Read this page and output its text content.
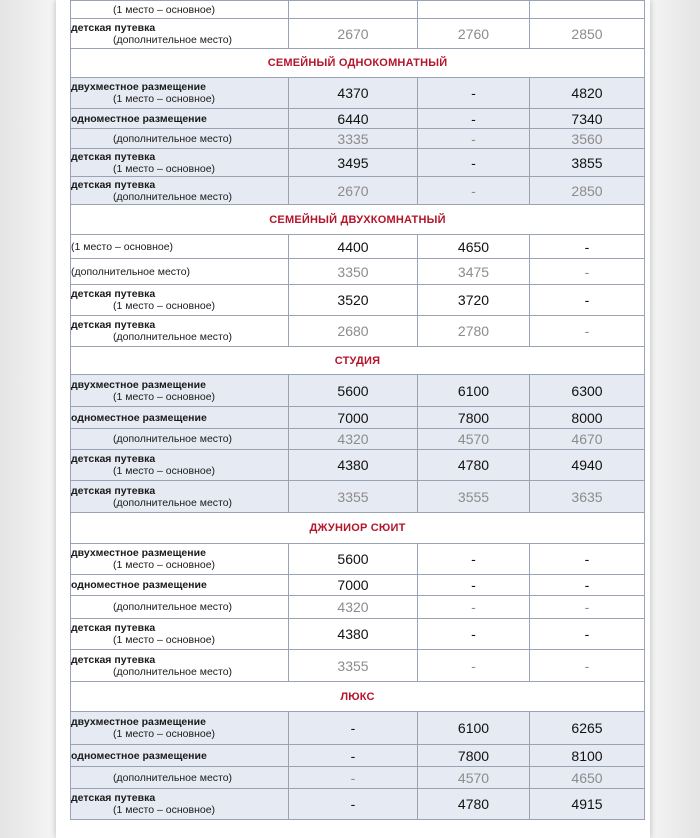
(1 место – основное)			

детская путевка
(дополнительное место)	2670	2760	2850
СЕМЕЙНЫЙ ОДНОКОМНАТНЫЙ			

двухместное размещение
(1 место – основное)	4370	-	4820

одноместное размещение	6440	-	7340

(дополнительное место)	3335	-	3560

детская путевка
(1 место – основное)	3495	-	3855

детская путевка
(дополнительное место)	2670	-	2850
СЕМЕЙНЫЙ ДВУХКОМНАТНЫЙ			

(1 место – основное)	4400	4650	-

(дополнительное место)	3350	3475	-

детская путевка
(1 место – основное)	3520	3720	-

детская путевка
(дополнительное место)	2680	2780	-
СТУДИЯ			

двухместное размещение
(1 место – основное)	5600	6100	6300

одноместное размещение	7000	7800	8000

(дополнительное место)	4320	4570	4670

детская путевка
(1 место – основное)	4380	4780	4940

детская путевка
(дополнительное место)	3355	3555	3635
ДЖУНИОР СЮИТ			

двухместное размещение
(1 место – основное)	5600	-	-

одноместное размещение	7000	-	-

(дополнительное место)	4320	-	-

детская путевка
(1 место – основное)	4380	-	-

детская путевка
(дополнительное место)	3355	-	-
ЛЮКС			

двухместное размещение
(1 место – основное)	-	6100	6265

одноместное размещение	-	7800	8100

(дополнительное место)	-	4570	4650

детская путевка
(1 место – основное)	-	4780	4915
